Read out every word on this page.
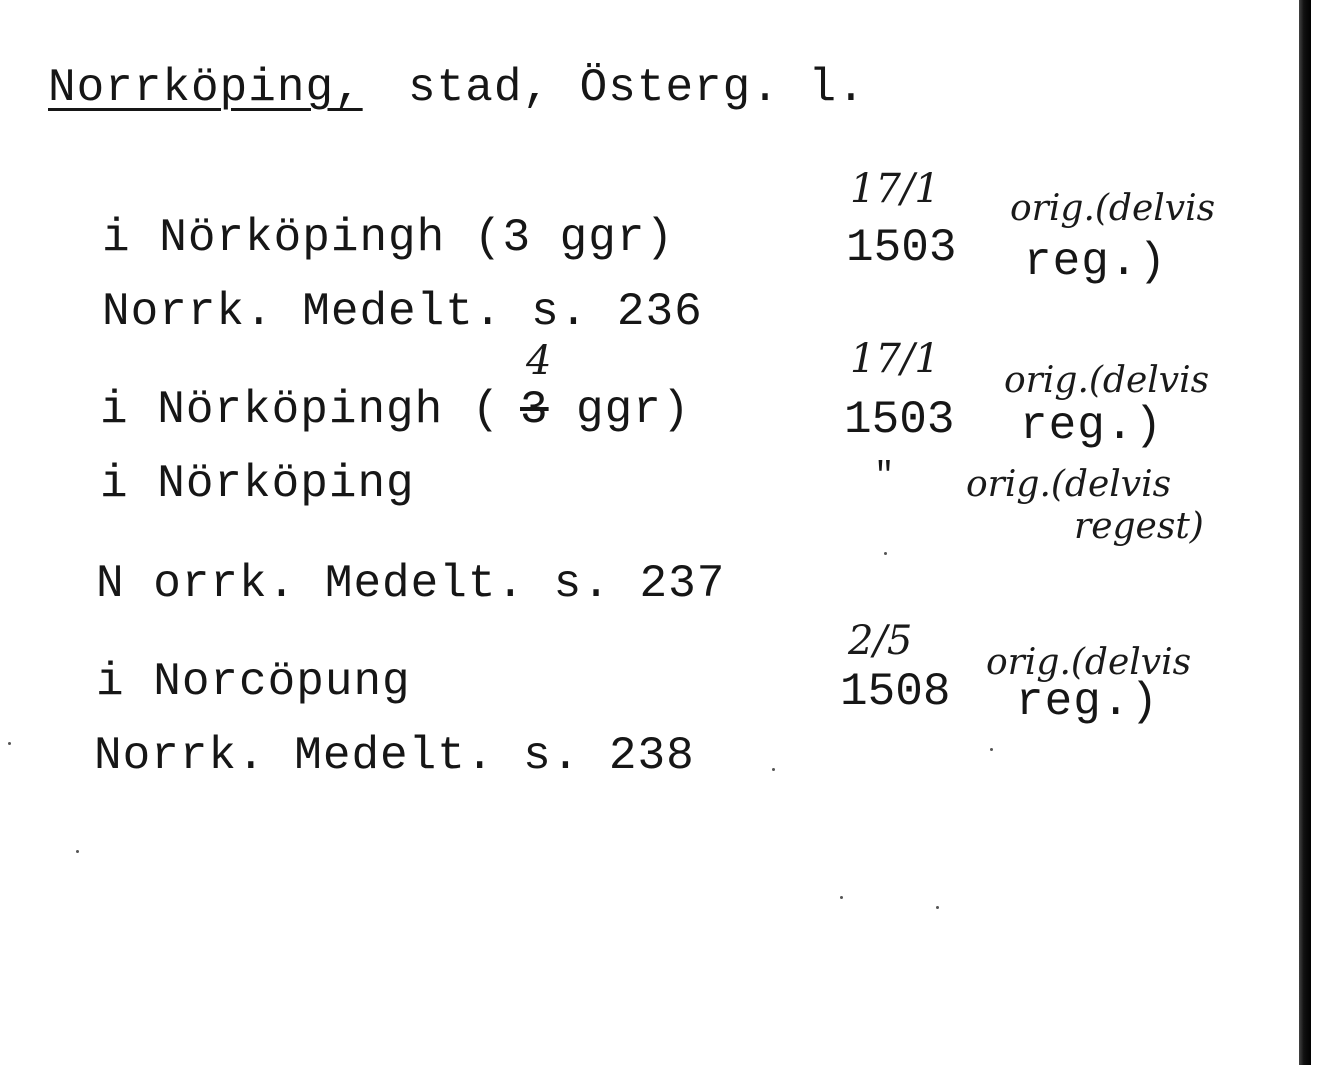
Norrköping, stad, Österg. l.
i Nörköpingh (3 ggr)
17/1
1503
orig.(delvis
reg.)
Norrk. Medelt. s. 236
i Nörköpingh ( 3
4
ggr)
17/1
1503
orig.(delvis
reg.)
i Nörköping	" orig.(delvis
regest)
N orrk. Medelt. s. 237
i Norcöpung
2/5
1508
orig.(delvis
reg.)
Norrk. Medelt. s. 238
